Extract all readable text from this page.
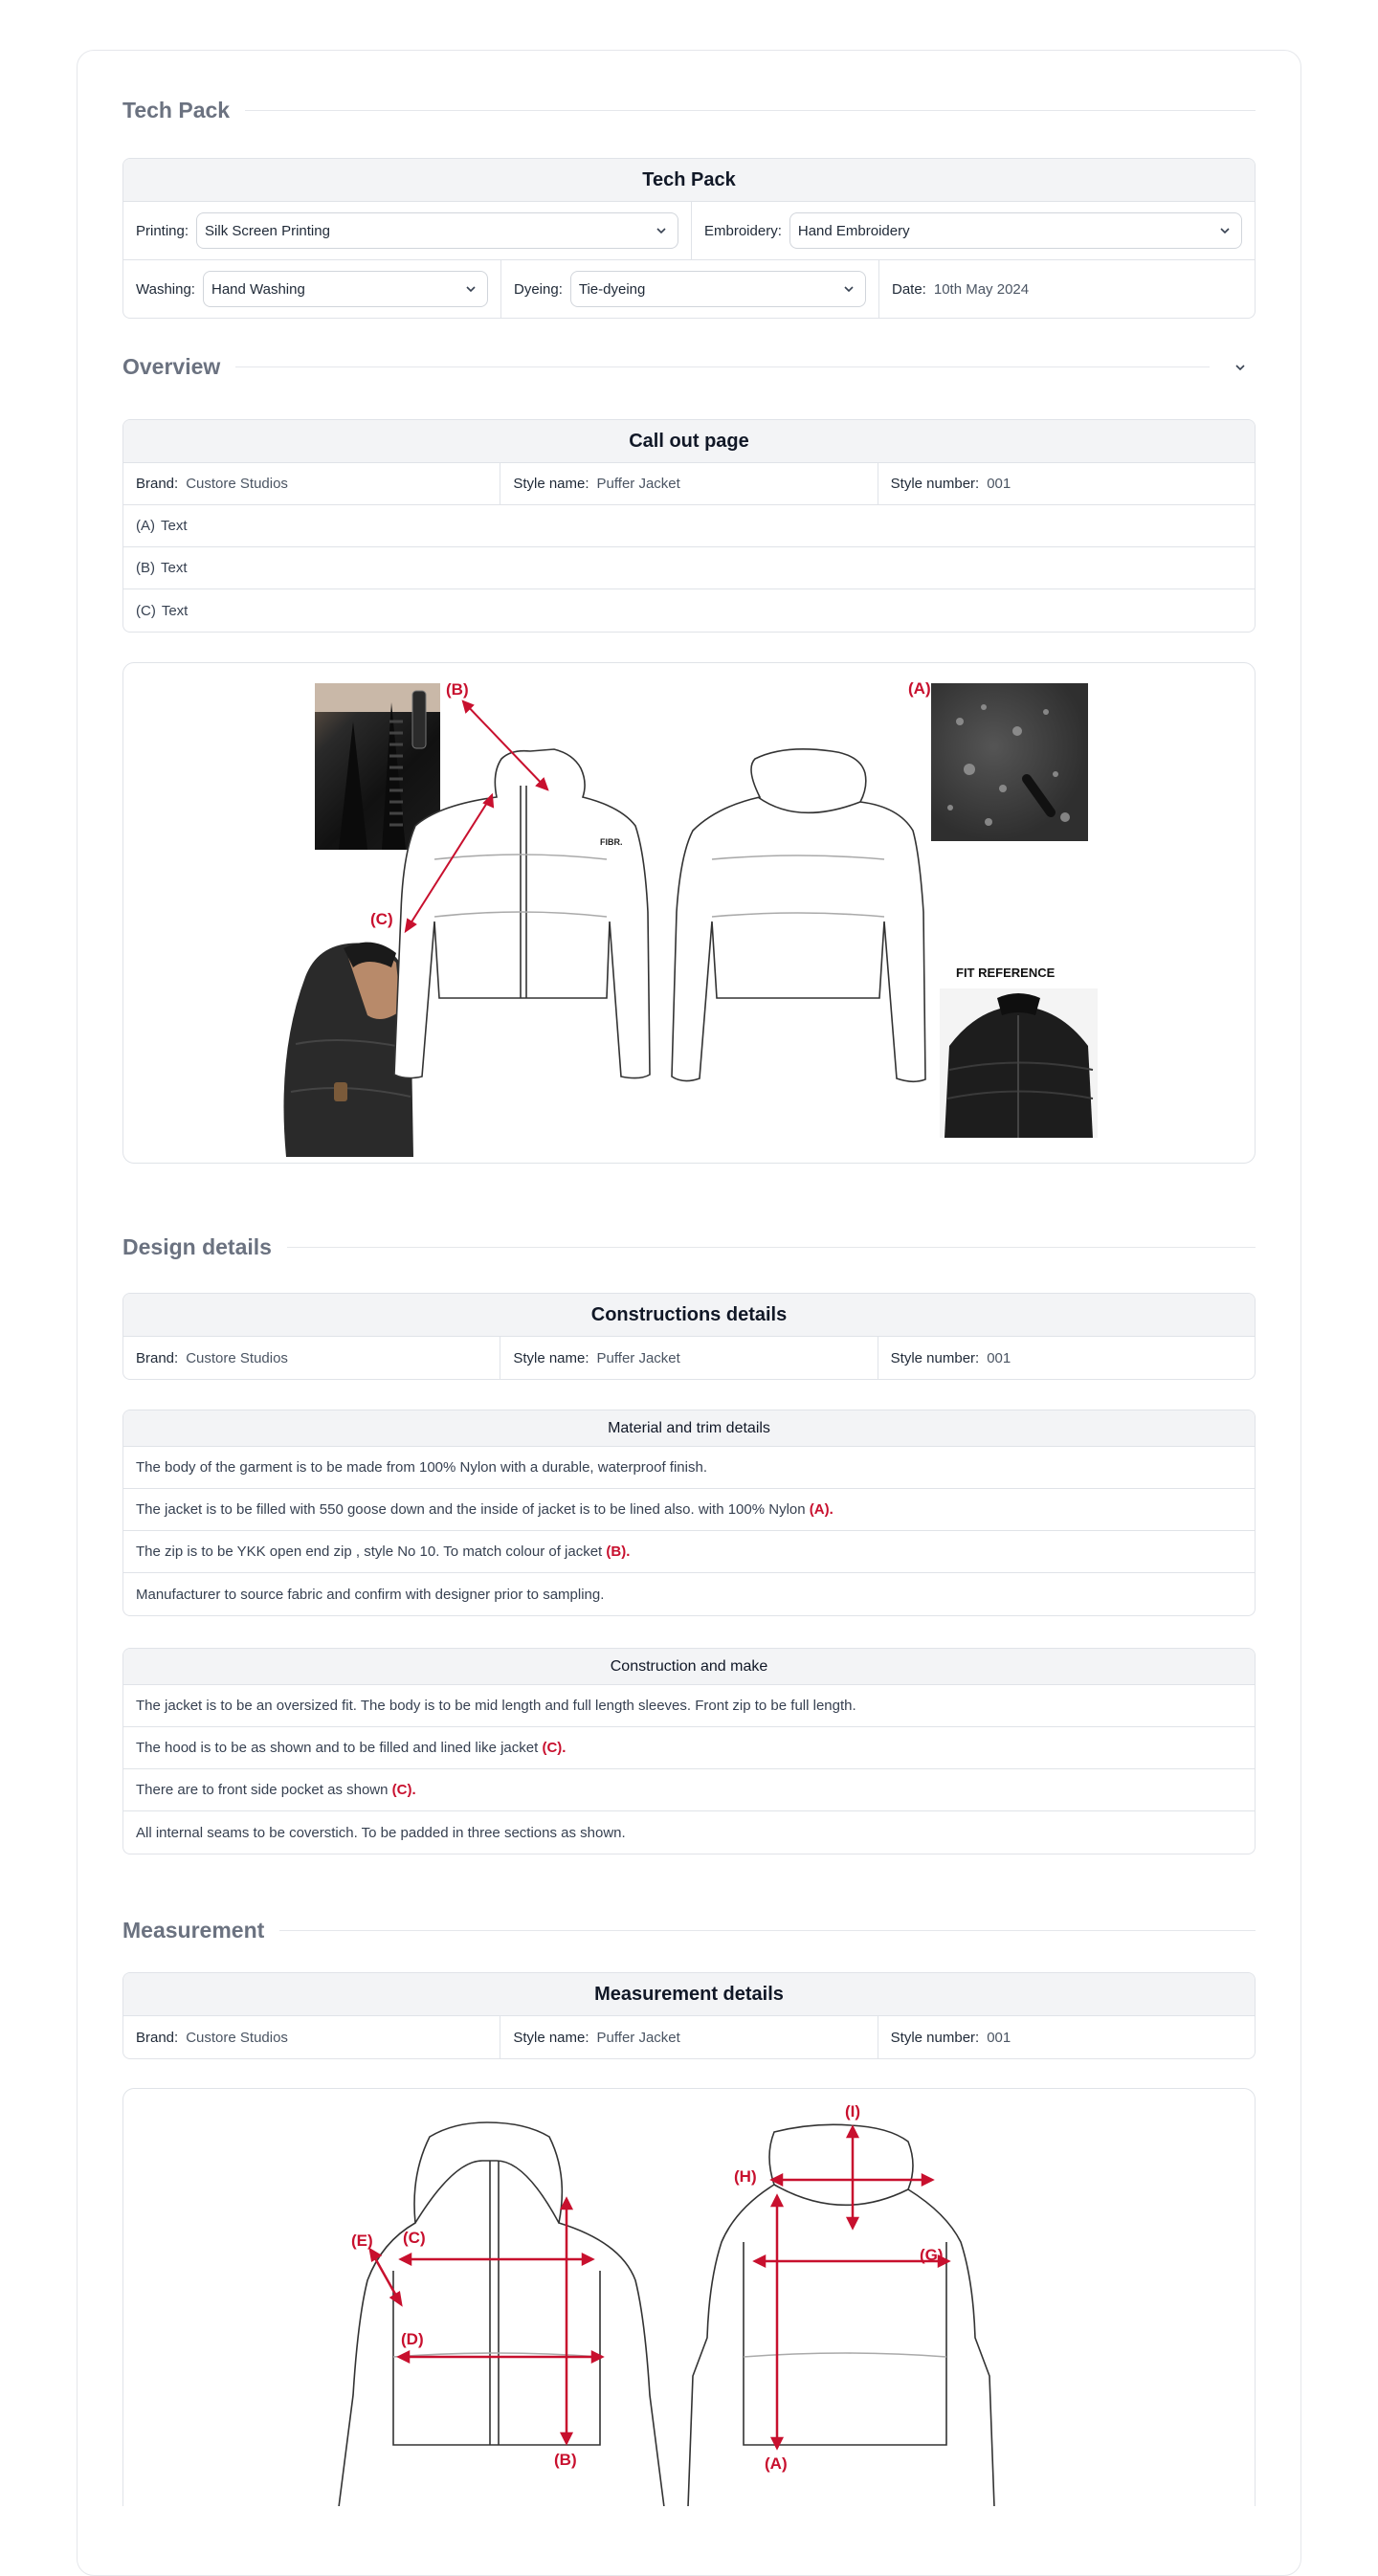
Tech Pack
Tech Pack
Printing: Silk Screen Printing	Embroidery: Hand Embroidery
Washing: Hand Washing	Dyeing: Tie-dyeing	Date: 10th May 2024
Overview
Call out page
Brand: Custore Studios	Style name: Puffer Jacket	Style number: 001
(A) Text
(B) Text
(C) Text
FIT REFERENCE
FIBR.
(B)	(A)
(C)
Design details
Constructions details
Brand: Custore Studios	Style name: Puffer Jacket	Style number: 001
Material and trim details
The body of the garment is to be made from 100% Nylon with a durable, waterproof finish.
The jacket is to be filled with 550 goose down and the inside of jacket is to be lined also. with 100% Nylon (A) .
The zip is to be YKK open end zip , style No 10. To match colour of jacket (B) .
Manufacturer to source fabric and confirm with designer prior to sampling.
Construction and make
The jacket is to be an oversized fit. The body is to be mid length and full length sleeves. Front zip to be full length.
The hood is to be as shown and to be filled and lined like jacket (C) .
There are to front side pocket as shown (C) .
All internal seams to be coverstich. To be padded in three sections as shown.
Measurement
Measurement details
Brand: Custore Studios	Style name: Puffer Jacket	Style number: 001
(E) (C)
(D)
(B)
(I)
(H)
(G)
(A)
